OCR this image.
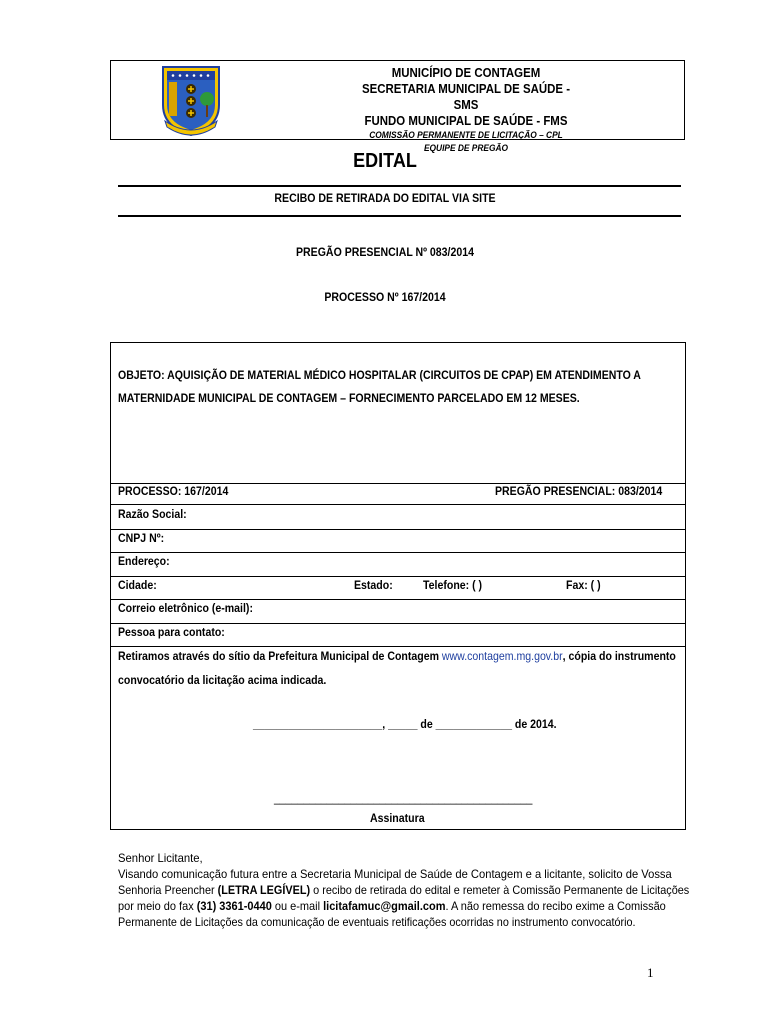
MUNICÍPIO DE CONTAGEM
SECRETARIA MUNICIPAL DE SAÚDE - SMS
FUNDO MUNICIPAL DE SAÚDE - FMS
COMISSÃO PERMANENTE DE LICITAÇÃO – CPL
EQUIPE DE PREGÃO
EDITAL
RECIBO DE RETIRADA DO EDITAL VIA SITE
PREGÃO PRESENCIAL Nº 083/2014
PROCESSO Nº 167/2014
OBJETO: AQUISIÇÃO DE MATERIAL MÉDICO HOSPITALAR (CIRCUITOS DE CPAP) EM ATENDIMENTO A
MATERNIDADE MUNICIPAL DE CONTAGEM – FORNECIMENTO PARCELADO EM 12 MESES.
PROCESSO: 167/2014	PREGÃO PRESENCIAL: 083/2014
Razão Social:
CNPJ Nº:
Endereço:
Cidade:	Estado:	Telefone: ( )	Fax: ( )
Correio eletrônico (e-mail):
Pessoa para contato:
Retiramos através do sítio da Prefeitura Municipal de Contagem www.contagem.mg.gov.br, cópia do instrumento
convocatório da licitação acima indicada.
______________________, _____ de _____________ de 2014.
____________________________________________
Assinatura
Senhor Licitante,
Visando comunicação futura entre a Secretaria Municipal de Saúde de Contagem e a licitante, solicito de Vossa
Senhoria Preencher (LETRA LEGÍVEL) o recibo de retirada do edital e remeter à Comissão Permanente de Licitações
por meio do fax (31) 3361-0440 ou e-mail licitafamuc@gmail.com. A não remessa do recibo exime a Comissão
Permanente de Licitações da comunicação de eventuais retificações ocorridas no instrumento convocatório.
1
